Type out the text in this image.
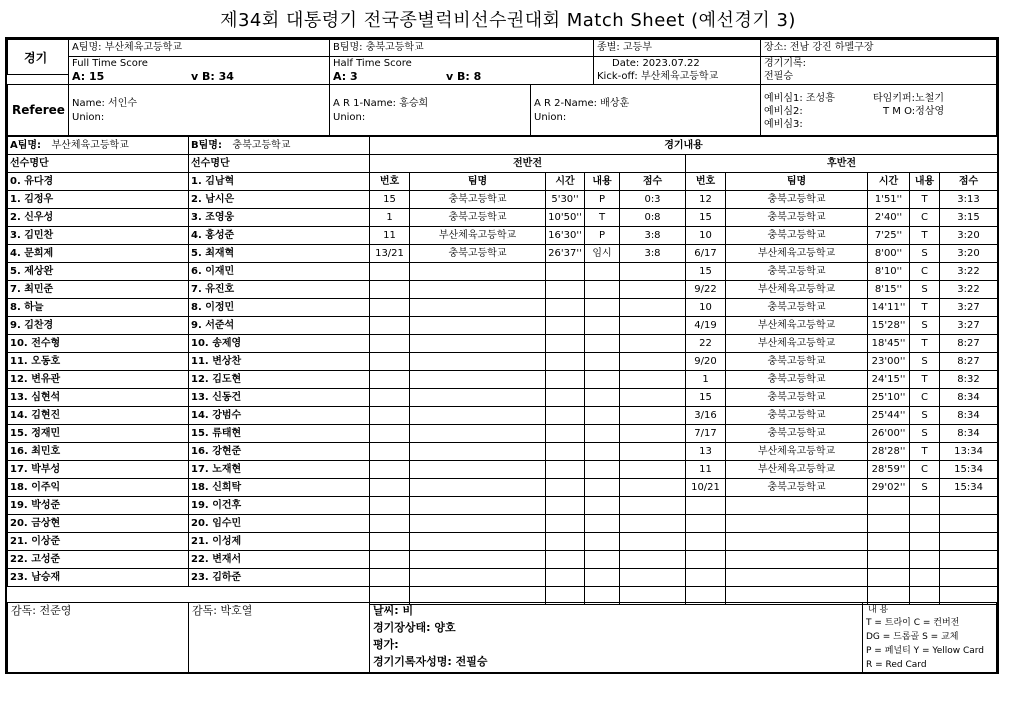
제34회 대통령기 전국종별럭비선수권대회 Match Sheet (예선경기 3)
경기
A팀명: 부산체육고등학교	B팀명: 충북고등학교	종별: 고등부	장소: 전남 강진 하멜구장
Full Time Score
A: 15	v B: 34
Half Time Score
A: 3	v B: 8
Date: 2023.07.22
Kick-off: 부산체육고등학교
경기기록:
전필승
Referee Name: 서인수
Union:
A R 1-Name: 홍승희
Union:
A R 2-Name: 배상훈
Union:
예비심1: 조성흥
예비심2:
예비심3:
타임키퍼:노철기
T M O:정삼영
A팀명: 부산체육고등학교	B팀명: 충북고등학교

선수명단	선수명단
0. 유다경	1. 김남혁
1. 김정우	2. 남시은
2. 신우성	3. 조영웅
3. 김민찬	4. 홍성준
4. 문희제	5. 최재혁
5. 제상완	6. 이재민
7. 최민준	7. 유진호
8. 하늘	8. 이정민
9. 김찬경	9. 서준석
10. 전수형	10. 송제영
11. 오동호	11. 변상찬
12. 변유관	12. 김도현
13. 심현석	13. 신동건
14. 김현진	14. 강범수
15. 정재민	15. 류태현
16. 최민호	16. 강현준
17. 박부성	17. 노재현
18. 이주익	18. 신희탁
19. 박성준	19. 이건후
20. 금상현	20. 임수민
21. 이상준	21. 이성제
22. 고성준	22. 변재서
23. 남승재	23. 김하준
경기내용									
전반전					후반전				
번호	팀명	시간	내용	점수	번호	팀명	시간	내용	점수
15	충북고등학교	5'30''	P	0:3	12	충북고등학교	1'51''	T	3:13
1	충북고등학교	10'50''	T	0:8	15	충북고등학교	2'40''	C	3:15
11	부산체육고등학교	16'30''	P	3:8	10	충북고등학교	7'25''	T	3:20
13/21	충북고등학교	26'37''	임시	3:8	6/17	부산체육고등학교	8'00''	S	3:20
					15	충북고등학교	8'10''	C	3:22
					9/22	부산체육고등학교	8'15''	S	3:22
					10	충북고등학교	14'11''	T	3:27
					4/19	부산체육고등학교	15'28''	S	3:27
					22	부산체육고등학교	18'45''	T	8:27
					9/20	충북고등학교	23'00''	S	8:27
					1	충북고등학교	24'15''	T	8:32
					15	충북고등학교	25'10''	C	8:34
					3/16	충북고등학교	25'44''	S	8:34
					7/17	충북고등학교	26'00''	S	8:34
					13	부산체육고등학교	28'28''	T	13:34
					11	부산체육고등학교	28'59''	C	15:34
					10/21	충북고등학교	29'02''	S	15:34

감독: 전준영	감독: 박호열	날씨: 비
경기장상태: 양호
평가:
경기기록자성명: 전필승
내 용
T = 트라이 C = 컨버전
DG = 드롭골 S = 교체
P = 페널티 Y = Yellow Card
R = Red Card
